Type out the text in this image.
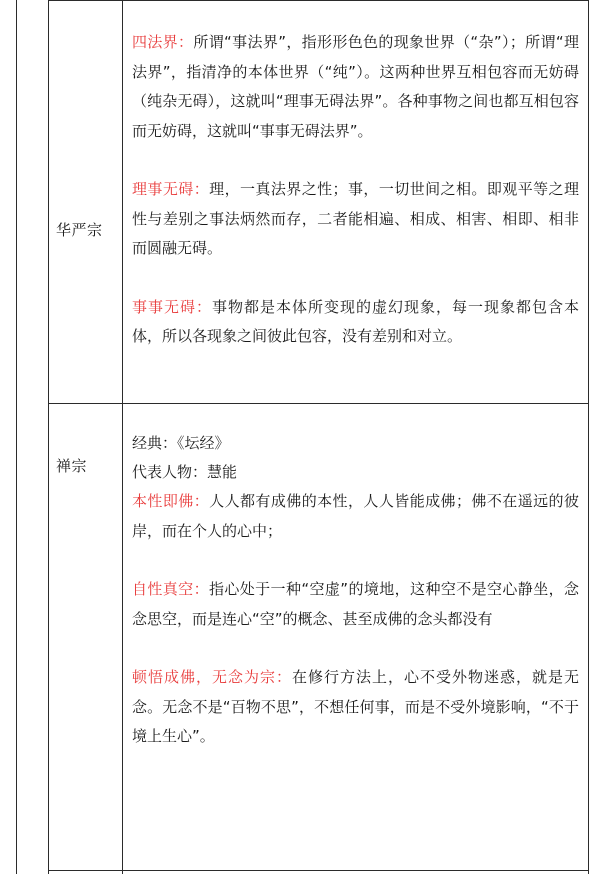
华严宗

四法界：所谓“事法界”，指形形色色的现象世界（“杂”）；所谓“理法界”，指清净的本体世界（“纯”）。这两种世界互相包容而无妨碍（纯杂无碍），这就叫“理事无碍法界”。各种事物之间也都互相包容而无妨碍，这就叫“事事无碍法界”。

理事无碍：理，一真法界之性；事，一切世间之相。即观平等之理性与差别之事法炳然而存，二者能相遍、相成、相害、相即、相非而圆融无碍。

事事无碍：事物都是本体所变现的虚幻现象，每一现象都包含本体，所以各现象之间彼此包容，没有差别和对立。

禅宗

经典：《坛经》

代表人物：慧能

本性即佛：人人都有成佛的本性，人人皆能成佛；佛不在遥远的彼岸，而在个人的心中；

自性真空：指心处于一种“空虚”的境地，这种空不是空心静坐，念念思空，而是连心“空”的概念、甚至成佛的念头都没有

顿悟成佛，无念为宗：在修行方法上，心不受外物迷惑，就是无念。无念不是“百物不思”，不想任何事，而是不受外境影响，“不于境上生心”。
